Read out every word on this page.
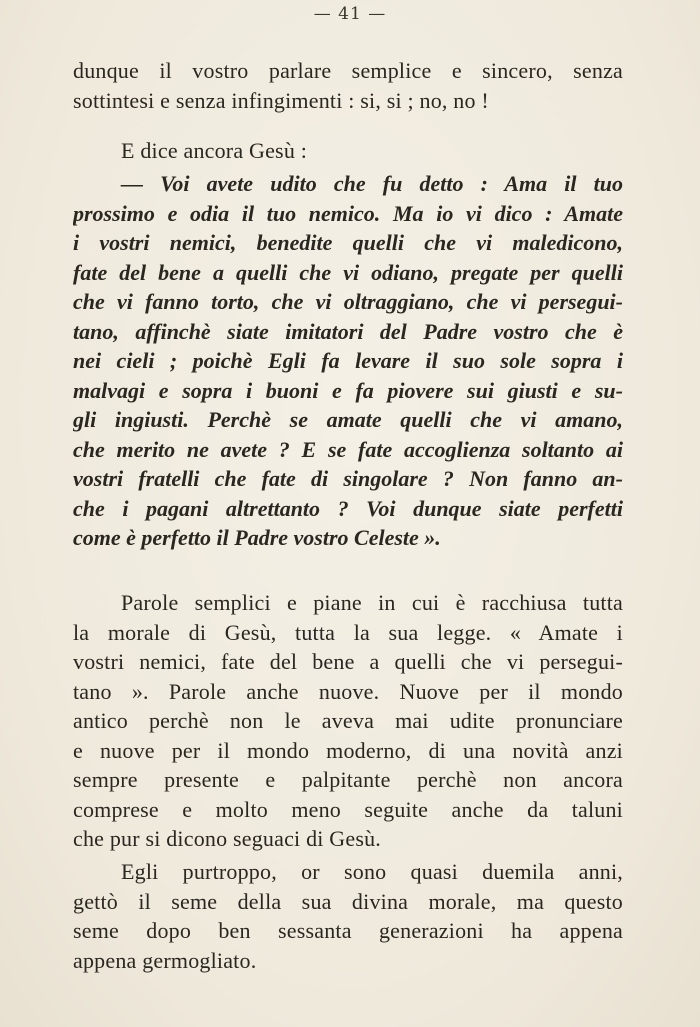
— 41 —
dunque il vostro parlare semplice e sincero, senza
sottintesi e senza infingimenti : si, si ; no, no !
E dice ancora Gesù :
— Voi avete udito che fu detto : Ama il tuo
prossimo e odia il tuo nemico. Ma io vi dico : Amate
i vostri nemici, benedite quelli che vi maledicono,
fate del bene a quelli che vi odiano, pregate per quelli
che vi fanno torto, che vi oltraggiano, che vi persegui-
tano, affinchè siate imitatori del Padre vostro che è
nei cieli ; poichè Egli fa levare il suo sole sopra i
malvagi e sopra i buoni e fa piovere sui giusti e su-
gli ingiusti. Perchè se amate quelli che vi amano,
che merito ne avete ? E se fate accoglienza soltanto ai
vostri fratelli che fate di singolare ? Non fanno an-
che i pagani altrettanto ? Voi dunque siate perfetti
come è perfetto il Padre vostro Celeste ».
Parole semplici e piane in cui è racchiusa tutta
la morale di Gesù, tutta la sua legge. « Amate i
vostri nemici, fate del bene a quelli che vi persegui-
tano ». Parole anche nuove. Nuove per il mondo
antico perchè non le aveva mai udite pronunciare
e nuove per il mondo moderno, di una novità anzi
sempre presente e palpitante perchè non ancora
comprese e molto meno seguite anche da taluni
che pur si dicono seguaci di Gesù.
Egli purtroppo, or sono quasi duemila anni,
gettò il seme della sua divina morale, ma questo
seme dopo ben sessanta generazioni ha appena
appena germogliato.
